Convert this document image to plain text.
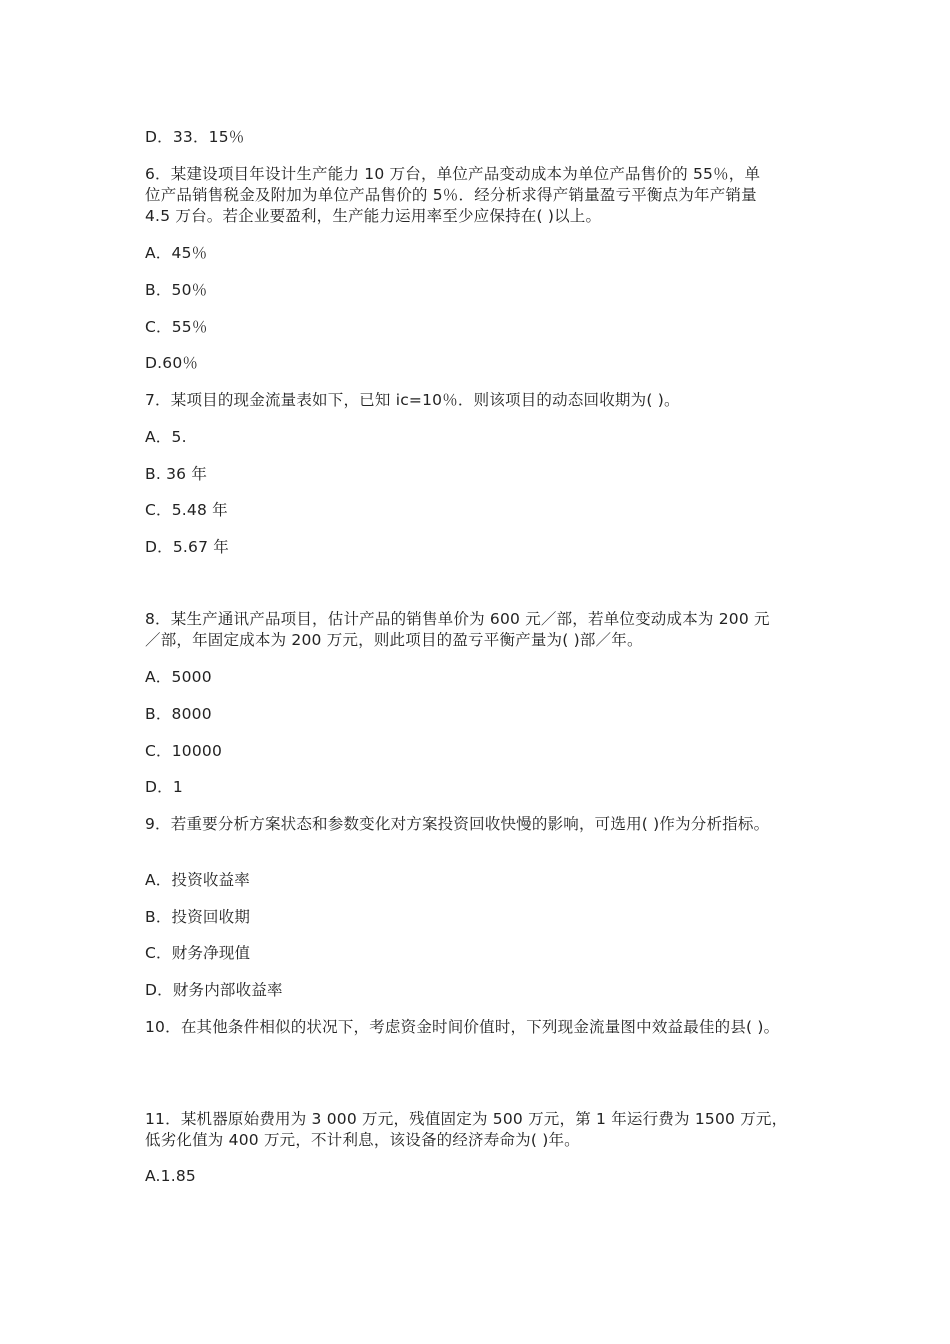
D．33．15％
6．某建设项目年设计生产能力 10 万台，单位产品变动成本为单位产品售价的 55％，单
位产品销售税金及附加为单位产品售价的 5％．经分析求得产销量盈亏平衡点为年产销量
4.5 万台。若企业要盈利，生产能力运用率至少应保持在( )以上。
A．45％
B．50％
C．55％
D.60％
7．某项目的现金流量表如下，已知 ic=10％．则该项目的动态回收期为( )。
A．5.
B. 36 年
C．5.48 年
D．5.67 年
8．某生产通讯产品项目，估计产品的销售单价为 600 元／部，若单位变动成本为 200 元
／部，年固定成本为 200 万元，则此项目的盈亏平衡产量为( )部／年。
A．5000
B．8000
C．10000
D．1
9．若重要分析方案状态和参数变化对方案投资回收快慢的影响，可选用( )作为分析指标。
A．投资收益率
B．投资回收期
C．财务净现值
D．财务内部收益率
10．在其他条件相似的状况下，考虑资金时间价值时，下列现金流量图中效益最佳的县( )。
11．某机器原始费用为 3 000 万元，残值固定为 500 万元，第 1 年运行费为 1500 万元，
低劣化值为 400 万元，不计利息，该设备的经济寿命为( )年。
A.1.85
